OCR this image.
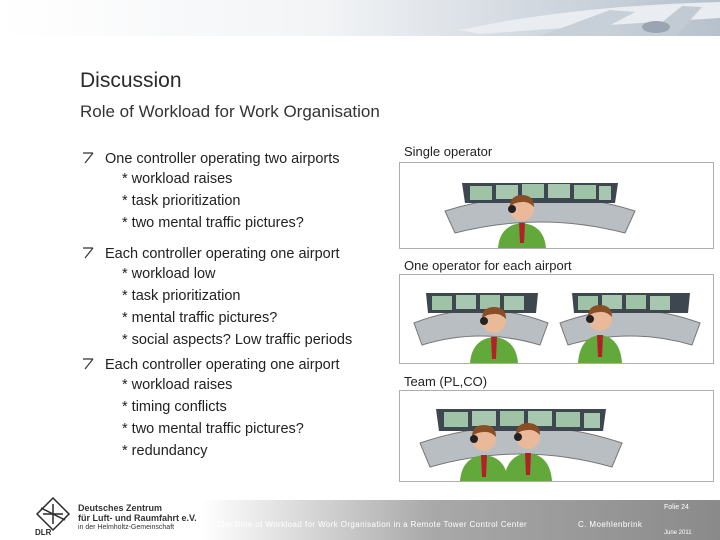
Discussion
Role of Workload for Work Organisation
One controller operating two airports
* workload raises
* task prioritization
* two mental traffic pictures?
Each controller operating one airport
* workload low
* task prioritization
* mental traffic pictures?
* social aspects? Low traffic periods
Each controller operating one airport
* workload raises
* timing conflicts
* two mental traffic pictures?
* redundancy
Single operator
One operator for each airport
Team (PL,CO)
DLR
Deutsches Zentrum
für Luft- und Raumfahrt e.V.
in der Helmholtz-Gemeinschaft	The Role of Workload for Work Organisation in a Remote Tower Control Center	C. Moehlenbrink
Folie 24
June 2011
